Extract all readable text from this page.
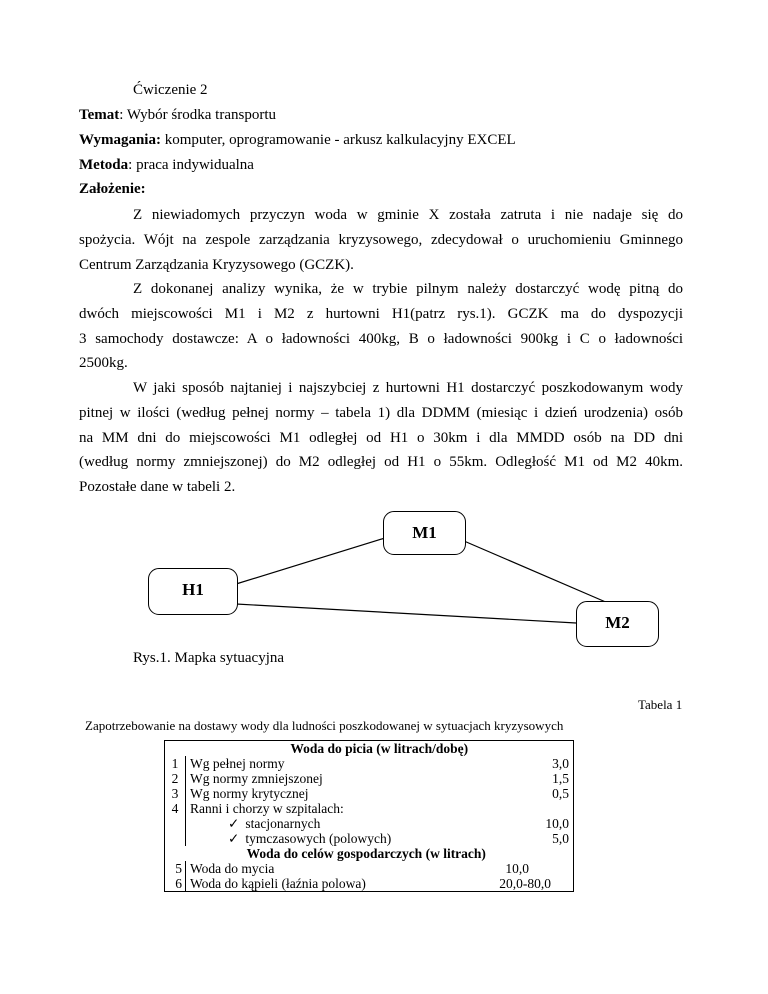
Ćwiczenie 2
Temat: Wybór środka transportu
Wymagania: komputer, oprogramowanie - arkusz kalkulacyjny EXCEL
Metoda: praca indywidualna
Założenie:
Z niewiadomych przyczyn woda w gminie X została zatruta i nie nadaje się do
spożycia. Wójt na zespole zarządzania kryzysowego, zdecydował o uruchomieniu Gminnego
Centrum Zarządzania Kryzysowego (GCZK).
Z dokonanej analizy wynika, że w trybie pilnym należy dostarczyć wodę pitną do
dwóch miejscowości M1 i M2 z hurtowni H1(patrz rys.1). GCZK ma do dyspozycji
3 samochody dostawcze: A o ładowności 400kg, B o ładowności 900kg i C o ładowności
2500kg.
W jaki sposób najtaniej i najszybciej z hurtowni H1 dostarczyć poszkodowanym wody
pitnej w ilości (według pełnej normy – tabela 1) dla DDMM (miesiąc i dzień urodzenia) osób
na MM dni do miejscowości M1 odległej od H1 o 30km i dla MMDD osób na DD dni
(według normy zmniejszonej) do M2 odległej od H1 o 55km. Odległość M1 od M2 40km.
Pozostałe dane w tabeli 2.
M1
H1
M2
Rys.1. Mapka sytuacyjna
Tabela 1
Zapotrzebowanie na dostawy wody dla ludności poszkodowanej w sytuacjach kryzysowych
	Woda do picia (w litrach/dobę)	
1	Wg pełnej normy	3,0
2	Wg normy zmniejszonej	1,5
3	Wg normy krytycznej	0,5
4	Ranni i chorzy w szpitalach:	
	✓ stacjonarnych	10,0
	✓ tymczasowych (polowych)	5,0
	Woda do celów gospodarczych (w litrach)	
5	Woda do mycia	10,0
6	Woda do kąpieli (łaźnia polowa)	20,0-80,0
